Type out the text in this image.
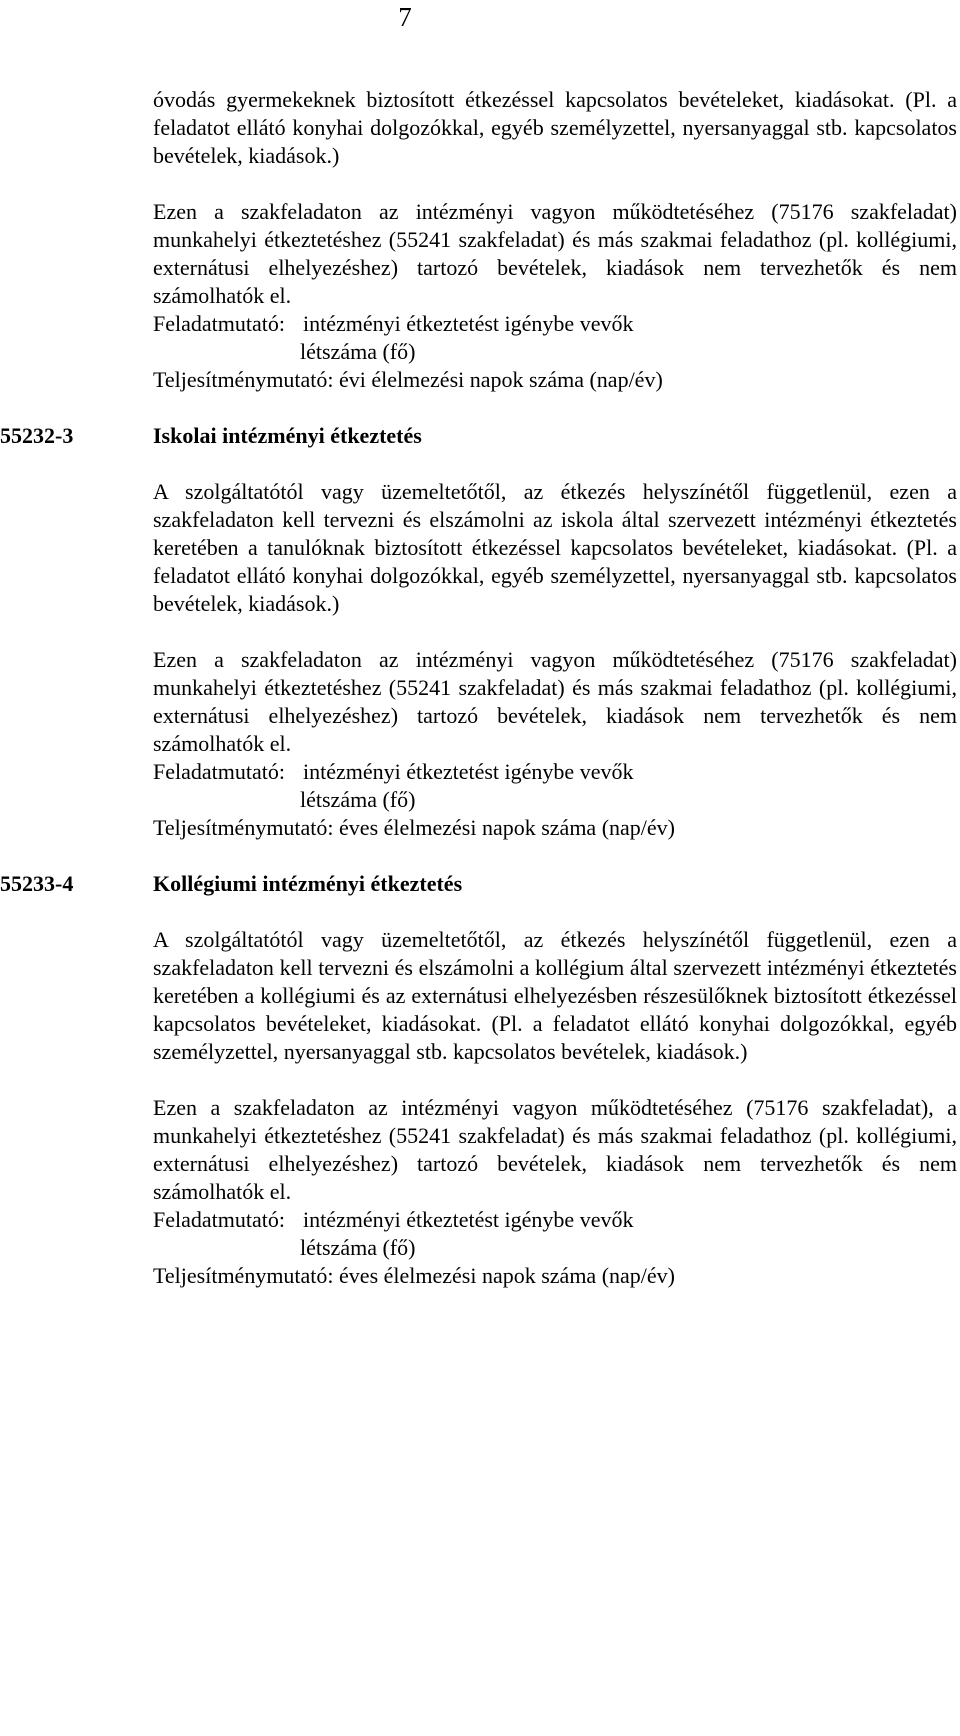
7
óvodás gyermekeknek biztosított étkezéssel kapcsolatos bevételeket, kiadásokat. (Pl. a feladatot ellátó konyhai dolgozókkal, egyéb személyzettel, nyersanyaggal stb. kapcsolatos bevételek, kiadások.)
Ezen a szakfeladaton az intézményi vagyon működtetéséhez (75176 szakfeladat) munkahelyi étkeztetéshez (55241 szakfeladat) és más szakmai feladathoz (pl. kollégiumi, externátusi elhelyezéshez) tartozó bevételek, kiadások nem tervezhetők és nem számolhatók el.
Feladatmutató: intézményi étkeztetést igénybe vevők
létszáma (fő)
Teljesítménymutató: évi élelmezési napok száma (nap/év)
55232-3	Iskolai intézményi étkeztetés
A szolgáltatótól vagy üzemeltetőtől, az étkezés helyszínétől függetlenül, ezen a szakfeladaton kell tervezni és elszámolni az iskola által szervezett intézményi étkeztetés keretében a tanulóknak biztosított étkezéssel kapcsolatos bevételeket, kiadásokat. (Pl. a feladatot ellátó konyhai dolgozókkal, egyéb személyzettel, nyersanyaggal stb. kapcsolatos bevételek, kiadások.)
Ezen a szakfeladaton az intézményi vagyon működtetéséhez (75176 szakfeladat) munkahelyi étkeztetéshez (55241 szakfeladat) és más szakmai feladathoz (pl. kollégiumi, externátusi elhelyezéshez) tartozó bevételek, kiadások nem tervezhetők és nem számolhatók el.
Feladatmutató: intézményi étkeztetést igénybe vevők
létszáma (fő)
Teljesítménymutató: éves élelmezési napok száma (nap/év)
55233-4	Kollégiumi intézményi étkeztetés
A szolgáltatótól vagy üzemeltetőtől, az étkezés helyszínétől függetlenül, ezen a szakfeladaton kell tervezni és elszámolni a kollégium által szervezett intézményi étkeztetés keretében a kollégiumi és az externátusi elhelyezésben részesülőknek biztosított étkezéssel kapcsolatos bevételeket, kiadásokat. (Pl. a feladatot ellátó konyhai dolgozókkal, egyéb személyzettel, nyersanyaggal stb. kapcsolatos bevételek, kiadások.)
Ezen a szakfeladaton az intézményi vagyon működtetéséhez (75176 szakfeladat), a munkahelyi étkeztetéshez (55241 szakfeladat) és más szakmai feladathoz (pl. kollégiumi, externátusi elhelyezéshez) tartozó bevételek, kiadások nem tervezhetők és nem számolhatók el.
Feladatmutató: intézményi étkeztetést igénybe vevők
létszáma (fő)
Teljesítménymutató: éves élelmezési napok száma (nap/év)
